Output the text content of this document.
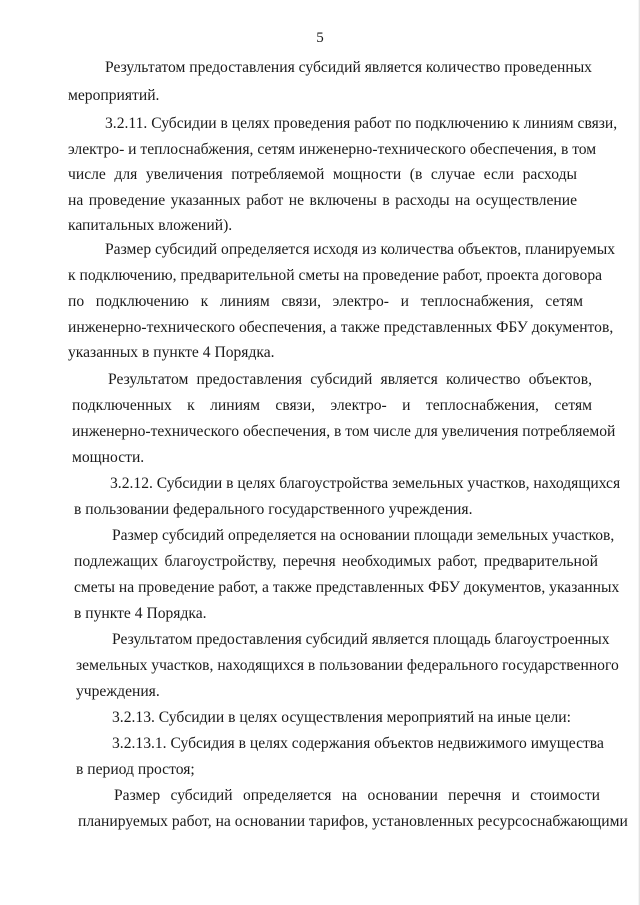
5
Результатом предоставления субсидий является количество проведенных
мероприятий.
3.2.11. Субсидии в целях проведения работ по подключению к линиям связи,
электро- и теплоснабжения, сетям инженерно-технического обеспечения, в том
числе для увеличения потребляемой мощности (в случае если расходы
на проведение указанных работ не включены в расходы на осуществление
капитальных вложений).
Размер субсидий определяется исходя из количества объектов, планируемых
к подключению, предварительной сметы на проведение работ, проекта договора
по подключению к линиям связи, электро- и теплоснабжения, сетям
инженерно-технического обеспечения, а также представленных ФБУ документов,
указанных в пункте 4 Порядка.
Результатом предоставления субсидий является количество объектов,
подключенных к линиям связи, электро- и теплоснабжения, сетям
инженерно-технического обеспечения, в том числе для увеличения потребляемой
мощности.
3.2.12. Субсидии в целях благоустройства земельных участков, находящихся
в пользовании федерального государственного учреждения.
Размер субсидий определяется на основании площади земельных участков,
подлежащих благоустройству, перечня необходимых работ, предварительной
сметы на проведение работ, а также представленных ФБУ документов, указанных
в пункте 4 Порядка.
Результатом предоставления субсидий является площадь благоустроенных
земельных участков, находящихся в пользовании федерального государственного
учреждения.
3.2.13. Субсидии в целях осуществления мероприятий на иные цели:
3.2.13.1. Субсидия в целях содержания объектов недвижимого имущества
в период простоя;
Размер субсидий определяется на основании перечня и стоимости
планируемых работ, на основании тарифов, установленных ресурсоснабжающими
